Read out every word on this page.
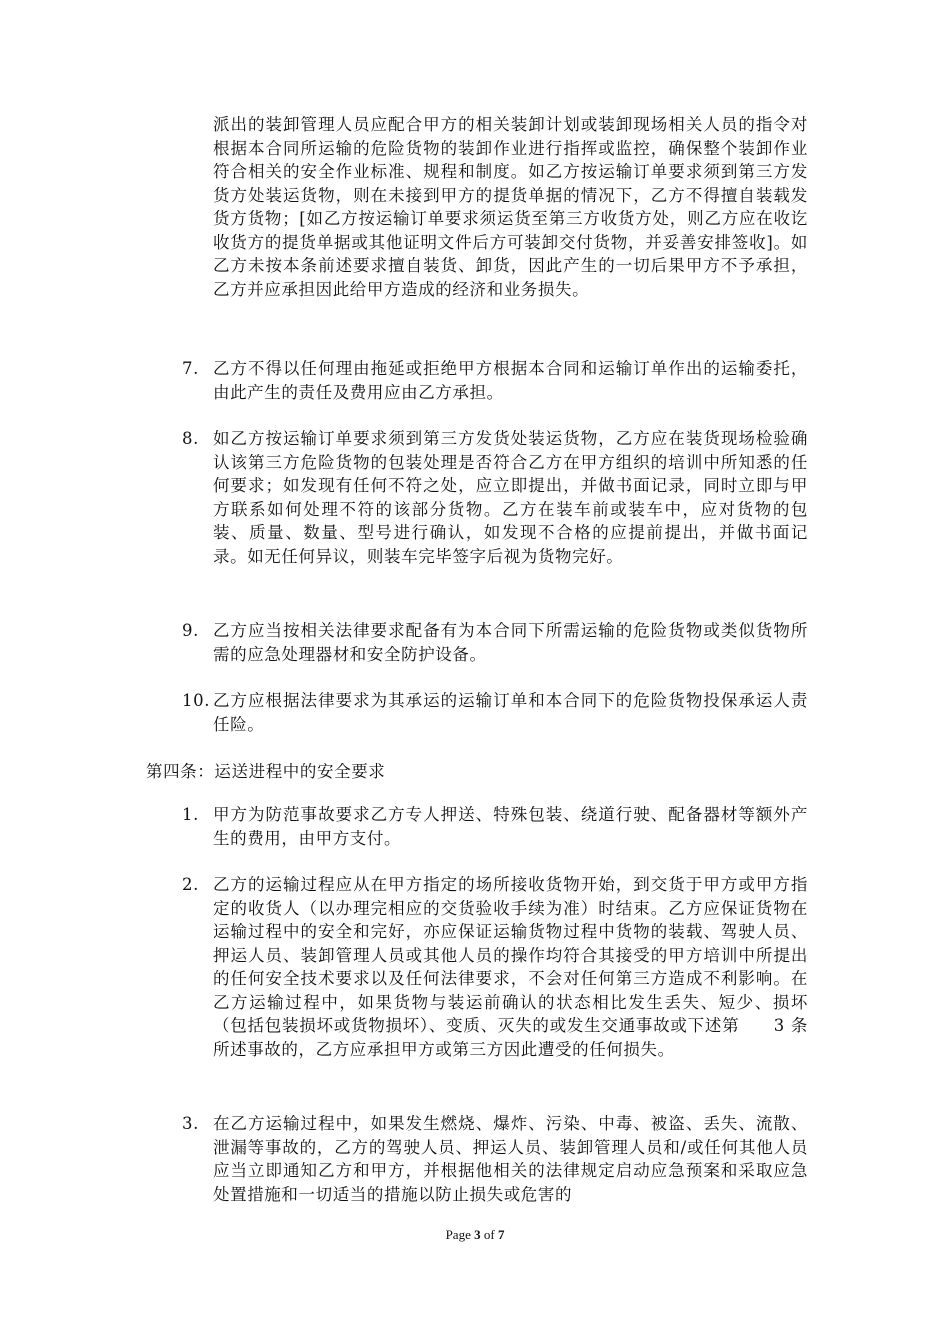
派出的装卸管理人员应配合甲方的相关装卸计划或装卸现场相关人员的指令对根据本合同所运输的危险货物的装卸作业进行指挥或监控，确保整个装卸作业符合相关的安全作业标准、规程和制度。如乙方按运输订单要求须到第三方发货方处装运货物，则在未接到甲方的提货单据的情况下，乙方不得擅自装载发货方货物；[如乙方按运输订单要求须运货至第三方收货方处，则乙方应在收讫收货方的提货单据或其他证明文件后方可装卸交付货物，并妥善安排签收]。如乙方未按本条前述要求擅自装货、卸货，因此产生的一切后果甲方不予承担，乙方并应承担因此给甲方造成的经济和业务损失。
7. 乙方不得以任何理由拖延或拒绝甲方根据本合同和运输订单作出的运输委托，由此产生的责任及费用应由乙方承担。
8. 如乙方按运输订单要求须到第三方发货处装运货物，乙方应在装货现场检验确认该第三方危险货物的包装处理是否符合乙方在甲方组织的培训中所知悉的任何要求；如发现有任何不符之处，应立即提出，并做书面记录，同时立即与甲方联系如何处理不符的该部分货物。乙方在装车前或装车中，应对货物的包装、质量、数量、型号进行确认，如发现不合格的应提前提出，并做书面记录。如无任何异议，则装车完毕签字后视为货物完好。
9. 乙方应当按相关法律要求配备有为本合同下所需运输的危险货物或类似货物所需的应急处理器材和安全防护设备。
10. 乙方应根据法律要求为其承运的运输订单和本合同下的危险货物投保承运人责任险。
第四条：运送进程中的安全要求
1. 甲方为防范事故要求乙方专人押送、特殊包装、绕道行驶、配备器材等额外产生的费用，由甲方支付。
2. 乙方的运输过程应从在甲方指定的场所接收货物开始，到交货于甲方或甲方指定的收货人（以办理完相应的交货验收手续为准）时结束。乙方应保证货物在运输过程中的安全和完好，亦应保证运输货物过程中货物的装载、驾驶人员、押运人员、装卸管理人员或其他人员的操作均符合其接受的甲方培训中所提出的任何安全技术要求以及任何法律要求，不会对任何第三方造成不利影响。在乙方运输过程中，如果货物与装运前确认的状态相比发生丢失、短少、损坏（包括包装损坏或货物损坏）、变质、灭失的或发生交通事故或下述第　　3 条所述事故的，乙方应承担甲方或第三方因此遭受的任何损失。
3. 在乙方运输过程中，如果发生燃烧、爆炸、污染、中毒、被盗、丢失、流散、泄漏等事故的，乙方的驾驶人员、押运人员、装卸管理人员和/或任何其他人员应当立即通知乙方和甲方，并根据他相关的法律规定启动应急预案和采取应急处置措施和一切适当的措施以防止损失或危害的
Page 3 of 7
